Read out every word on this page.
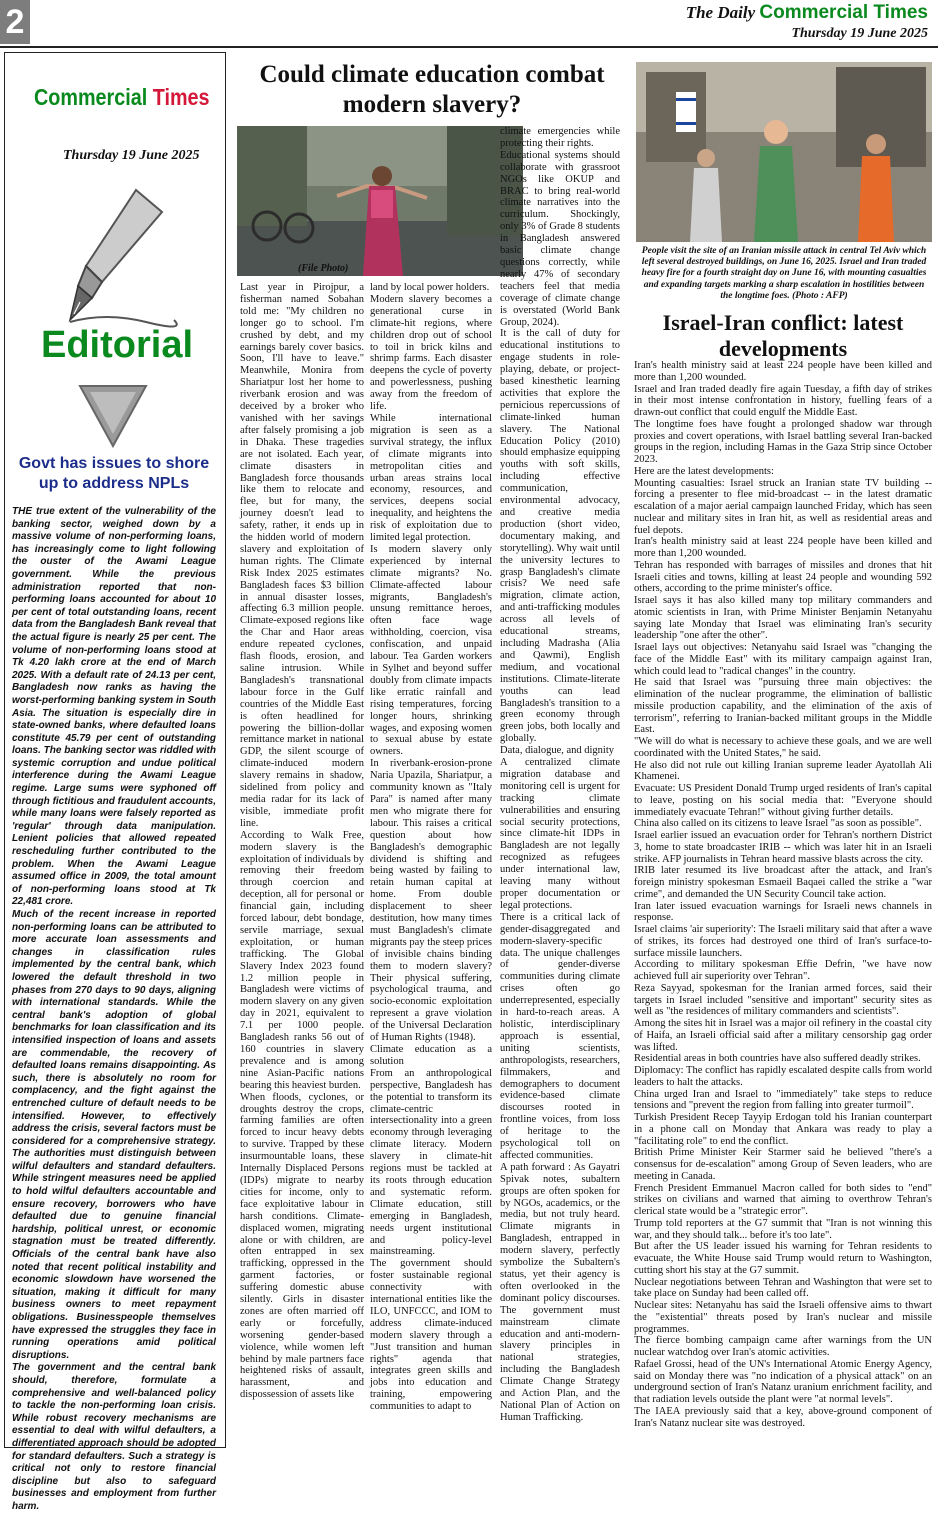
2	The Daily Commercial Times
Thursday 19 June 2025
Commercial Times
Thursday 19 June 2025
Editorial
Govt has issues to shore up to address NPLs

THE true extent of the vulnerability of the banking sector, weighed down by a massive volume of non-performing loans, has increasingly come to light following the ouster of the Awami League government. While the previous administration reported that non-performing loans accounted for about 10 per cent of total outstanding loans, recent data from the Bangladesh Bank reveal that the actual figure is nearly 25 per cent. The volume of non-performing loans stood at Tk 4.20 lakh crore at the end of March 2025. With a default rate of 24.13 per cent, Bangladesh now ranks as having the worst-performing banking system in South Asia. The situation is especially dire in state-owned banks, where defaulted loans constitute 45.79 per cent of outstanding loans. The banking sector was riddled with systemic corruption and undue political interference during the Awami League regime. Large sums were syphoned off through fictitious and fraudulent accounts, while many loans were falsely reported as 'regular' through data manipulation. Lenient policies that allowed repeated rescheduling further contributed to the problem. When the Awami League assumed office in 2009, the total amount of non-performing loans stood at Tk 22,481 crore.

Much of the recent increase in reported non-performing loans can be attributed to more accurate loan assessments and changes in classification rules implemented by the central bank, which lowered the default threshold in two phases from 270 days to 90 days, aligning with international standards. While the central bank's adoption of global benchmarks for loan classification and its intensified inspection of loans and assets are commendable, the recovery of defaulted loans remains disappointing. As such, there is absolutely no room for complacency, and the fight against the entrenched culture of default needs to be intensified. However, to effectively address the crisis, several factors must be considered for a comprehensive strategy. The authorities must distinguish between wilful defaulters and standard defaulters. While stringent measures need be applied to hold wilful defaulters accountable and ensure recovery, borrowers who have defaulted due to genuine financial hardship, political unrest, or economic stagnation must be treated differently. Officials of the central bank have also noted that recent political instability and economic slowdown have worsened the situation, making it difficult for many business owners to meet repayment obligations. Businesspeople themselves have expressed the struggles they face in running operations amid political disruptions.

The government and the central bank should, therefore, formulate a comprehensive and well-balanced policy to tackle the non-performing loan crisis. While robust recovery mechanisms are essential to deal with wilful defaulters, a differentiated approach should be adopted for standard defaulters. Such a strategy is critical not only to restore financial discipline but also to safeguard businesses and employment from further harm.

Could climate education combat modern slavery?
(File Photo)

Last year in Pirojpur, a fisherman named Sobahan told me: "My children no longer go to school. I'm crushed by debt, and my earnings barely cover basics. Soon, I'll have to leave." Meanwhile, Monira from Shariatpur lost her home to riverbank erosion and was deceived by a broker who vanished with her savings after falsely promising a job in Dhaka. These tragedies are not isolated. Each year, climate disasters in Bangladesh force thousands like them to relocate and flee, but for many, the journey doesn't lead to safety, rather, it ends up in the hidden world of modern slavery and exploitation of human rights. The Climate Risk Index 2025 estimates Bangladesh faces $3 billion in annual disaster losses, affecting 6.3 million people. Climate-exposed regions like the Char and Haor areas endure repeated cyclones, flash floods, erosion, and saline intrusion. While Bangladesh's transnational labour force in the Gulf countries of the Middle East is often headlined for powering the billion-dollar remittance market in national GDP, the silent scourge of climate-induced modern slavery remains in shadow, sidelined from policy and media radar for its lack of visible, immediate profit line.

According to Walk Free, modern slavery is the exploitation of individuals by removing their freedom through coercion and deception, all for personal or financial gain, including forced labour, debt bondage, servile marriage, sexual exploitation, or human trafficking. The Global Slavery Index 2023 found 1.2 million people in Bangladesh were victims of modern slavery on any given day in 2021, equivalent to 7.1 per 1000 people. Bangladesh ranks 56 out of 160 countries in slavery prevalence and is among nine Asian-Pacific nations bearing this heaviest burden.

When floods, cyclones, or droughts destroy the crops, farming families are often forced to incur heavy debts to survive. Trapped by these insurmountable loans, these Internally Displaced Persons (IDPs) migrate to nearby cities for income, only to face exploitative labour in harsh conditions. Climate-displaced women, migrating alone or with children, are often entrapped in sex trafficking, oppressed in the garment factories, or suffering domestic abuse silently. Girls in disaster zones are often married off early or forcefully, worsening gender-based violence, while women left behind by male partners face heightened risks of assault, harassment, and dispossession of assets like

land by local power holders.

Modern slavery becomes a generational curse in climate-hit regions, where children drop out of school to toil in brick kilns and shrimp farms. Each disaster deepens the cycle of poverty and powerlessness, pushing away from the freedom of life.

While international migration is seen as a survival strategy, the influx of climate migrants into metropolitan cities and urban areas strains local economy, resources, and services, deepens social inequality, and heightens the risk of exploitation due to limited legal protection.

Is modern slavery only experienced by internal climate migrants? No. Climate-affected labour migrants, Bangladesh's unsung remittance heroes, often face wage withholding, coercion, visa confiscation, and unpaid labour. Tea Garden workers in Sylhet and beyond suffer doubly from climate impacts like erratic rainfall and rising temperatures, forcing longer hours, shrinking wages, and exposing women to sexual abuse by estate owners.

In riverbank-erosion-prone Naria Upazila, Shariatpur, a community known as "Italy Para" is named after many men who migrate there for labour. This raises a critical question about how Bangladesh's demographic dividend is shifting and being wasted by failing to retain human capital at home. From double displacement to sheer destitution, how many times must Bangladesh's climate migrants pay the steep prices of invisible chains binding them to modern slavery? Their physical suffering, psychological trauma, and socio-economic exploitation represent a grave violation of the Universal Declaration of Human Rights (1948).

Climate education as a solution

From an anthropological perspective, Bangladesh has the potential to transform its climate-centric intersectionality into a green economy through leveraging climate literacy. Modern slavery in climate-hit regions must be tackled at its roots through education and systematic reform. Climate education, still emerging in Bangladesh, needs urgent institutional and policy-level mainstreaming.

The government should foster sustainable regional connectivity with international entities like the ILO, UNFCCC, and IOM to address climate-induced modern slavery through a "Just transition and human rights" agenda that integrates green skills and jobs into education and training, empowering communities to adapt to

climate emergencies while protecting their rights.

Educational systems should collaborate with grassroot NGOs like OKUP and BRAC to bring real-world climate narratives into the curriculum. Shockingly, only 3% of Grade 8 students in Bangladesh answered basic climate change questions correctly, while nearly 47% of secondary teachers feel that media coverage of climate change is overstated (World Bank Group, 2024).

It is the call of duty for educational institutions to engage students in role-playing, debate, or project-based kinesthetic learning activities that explore the pernicious repercussions of climate-linked human slavery. The National Education Policy (2010) should emphasize equipping youths with soft skills, including effective communication, environmental advocacy, and creative media production (short video, documentary making, and storytelling). Why wait until the university lectures to grasp Bangladesh's climate crisis? We need safe migration, climate action, and anti-trafficking modules across all levels of educational streams, including Madrasha (Alia and Qawmi), English medium, and vocational institutions. Climate-literate youths can lead Bangladesh's transition to a green economy through green jobs, both locally and globally.

Data, dialogue, and dignity

A centralized climate migration database and monitoring cell is urgent for tracking climate vulnerabilities and ensuring social security protections, since climate-hit IDPs in Bangladesh are not legally recognized as refugees under international law, leaving many without proper documentation or legal protections.

There is a critical lack of gender-disaggregated and modern-slavery-specific data. The unique challenges of gender-diverse communities during climate crises often go underrepresented, especially in hard-to-reach areas. A holistic, interdisciplinary approach is essential, uniting scientists, anthropologists, researchers, filmmakers, and demographers to document evidence-based climate discourses rooted in frontline voices, from loss of heritage to the psychological toll on affected communities.

A path forward : As Gayatri Spivak notes, subaltern groups are often spoken for by NGOs, academics, or the media, but not truly heard. Climate migrants in Bangladesh, entrapped in modern slavery, perfectly symbolize the Subaltern's status, yet their agency is often overlooked in the dominant policy discourses. The government must mainstream climate education and anti-modern-slavery principles in national strategies, including the Bangladesh Climate Change Strategy and Action Plan, and the National Plan of Action on Human Trafficking.

People visit the site of an Iranian missile attack in central Tel Aviv which left several destroyed buildings, on June 16, 2025. Israel and Iran traded heavy fire for a fourth straight day on June 16, with mounting casualties and expanding targets marking a sharp escalation in hostilities between the longtime foes. (Photo : AFP)
Israel-Iran conflict: latest developments

Iran's health ministry said at least 224 people have been killed and more than 1,200 wounded.

Israel and Iran traded deadly fire again Tuesday, a fifth day of strikes in their most intense confrontation in history, fuelling fears of a drawn-out conflict that could engulf the Middle East.

The longtime foes have fought a prolonged shadow war through proxies and covert operations, with Israel battling several Iran-backed groups in the region, including Hamas in the Gaza Strip since October 2023.

Here are the latest developments:

Mounting casualties: Israel struck an Iranian state TV building -- forcing a presenter to flee mid-broadcast -- in the latest dramatic escalation of a major aerial campaign launched Friday, which has seen nuclear and military sites in Iran hit, as well as residential areas and fuel depots.

Iran's health ministry said at least 224 people have been killed and more than 1,200 wounded.

Tehran has responded with barrages of missiles and drones that hit Israeli cities and towns, killing at least 24 people and wounding 592 others, according to the prime minister's office.

Israel says it has also killed many top military commanders and atomic scientists in Iran, with Prime Minister Benjamin Netanyahu saying late Monday that Israel was eliminating Iran's security leadership "one after the other".

Israel lays out objectives: Netanyahu said Israel was "changing the face of the Middle East" with its military campaign against Iran, which could lead to "radical changes" in the country.

He said that Israel was "pursuing three main objectives: the elimination of the nuclear programme, the elimination of ballistic missile production capability, and the elimination of the axis of terrorism", referring to Iranian-backed militant groups in the Middle East.

"We will do what is necessary to achieve these goals, and we are well coordinated with the United States," he said.

He also did not rule out killing Iranian supreme leader Ayatollah Ali Khamenei.

Evacuate: US President Donald Trump urged residents of Iran's capital to leave, posting on his social media that: "Everyone should immediately evacuate Tehran!" without giving further details.

China also called on its citizens to leave Israel "as soon as possible".

Israel earlier issued an evacuation order for Tehran's northern District 3, home to state broadcaster IRIB -- which was later hit in an Israeli strike. AFP journalists in Tehran heard massive blasts across the city.

IRIB later resumed its live broadcast after the attack, and Iran's foreign ministry spokesman Esmaeil Baqaei called the strike a "war crime", and demanded the UN Security Council take action.

Iran later issued evacuation warnings for Israeli news channels in response.

Israel claims 'air superiority': The Israeli military said that after a wave of strikes, its forces had destroyed one third of Iran's surface-to-surface missile launchers.

According to military spokesman Effie Defrin, "we have now achieved full air superiority over Tehran".

Reza Sayyad, spokesman for the Iranian armed forces, said their targets in Israel included "sensitive and important" security sites as well as "the residences of military commanders and scientists".

Among the sites hit in Israel was a major oil refinery in the coastal city of Haifa, an Israeli official said after a military censorship gag order was lifted.

Residential areas in both countries have also suffered deadly strikes.

Diplomacy: The conflict has rapidly escalated despite calls from world leaders to halt the attacks.

China urged Iran and Israel to "immediately" take steps to reduce tensions and "prevent the region from falling into greater turmoil".

Turkish President Recep Tayyip Erdogan told his Iranian counterpart in a phone call on Monday that Ankara was ready to play a "facilitating role" to end the conflict.

British Prime Minister Keir Starmer said he believed "there's a consensus for de-escalation" among Group of Seven leaders, who are meeting in Canada.

French President Emmanuel Macron called for both sides to "end" strikes on civilians and warned that aiming to overthrow Tehran's clerical state would be a "strategic error".

Trump told reporters at the G7 summit that "Iran is not winning this war, and they should talk... before it's too late".

But after the US leader issued his warning for Tehran residents to evacuate, the White House said Trump would return to Washington, cutting short his stay at the G7 summit.

Nuclear negotiations between Tehran and Washington that were set to take place on Sunday had been called off.

Nuclear sites: Netanyahu has said the Israeli offensive aims to thwart the "existential" threats posed by Iran's nuclear and missile programmes.

The fierce bombing campaign came after warnings from the UN nuclear watchdog over Iran's atomic activities.

Rafael Grossi, head of the UN's International Atomic Energy Agency, said on Monday there was "no indication of a physical attack" on an underground section of Iran's Natanz uranium enrichment facility, and that radiation levels outside the plant were "at normal levels".

The IAEA previously said that a key, above-ground component of Iran's Natanz nuclear site was destroyed.
